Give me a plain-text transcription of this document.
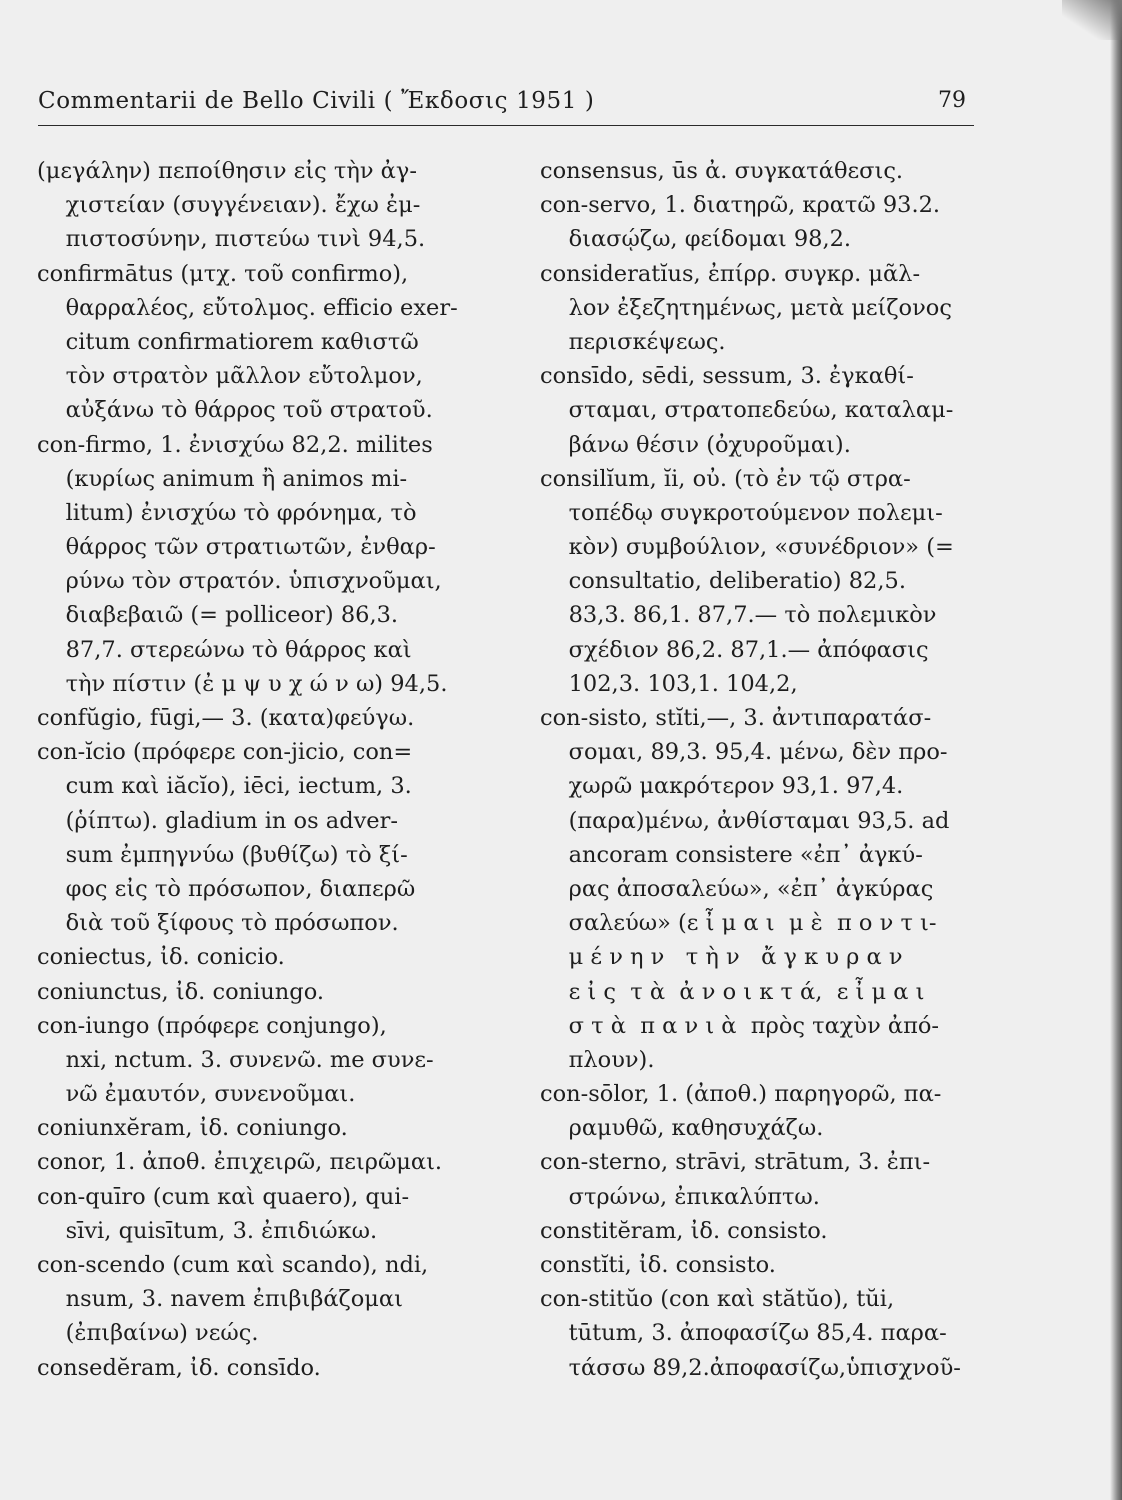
Commentarii de Bello Civili ( Ἔκδοσις 1951 )	79
(μεγάλην) πεποίθησιν εἰς τὴν ἀγ-
χιστείαν (συγγένειαν). ἔχω ἐμ-
πιστοσύνην, πιστεύω τινὶ 94,5.
confirmātus (μτχ. τοῦ confirmo),
θαρραλέος, εὔτολμος. efficio exer-
citum confirmatiorem καθιστῶ
τὸν στρατὸν μᾶλλον εὔτολμον,
αὐξάνω τὸ θάρρος τοῦ στρατοῦ.
con-firmo, 1. ἐνισχύω 82,2. milites
(κυρίως animum ἢ animos mi-
litum) ἐνισχύω τὸ φρόνημα, τὸ
θάρρος τῶν στρατιωτῶν, ἐνθαρ-
ρύνω τὸν στρατόν. ὑπισχνοῦμαι,
διαβεβαιῶ (= polliceor) 86,3.
87,7. στερεώνω τὸ θάρρος καὶ
τὴν πίστιν (ἐ μ ψ υ χ ώ ν ω) 94,5.
confŭgio, fūgi,— 3. (κατα)φεύγω.
con-ĭcio (πρόφερε con-jicio, con=
cum καὶ iăcĭo), iēci, iectum, 3.
(ῥίπτω). gladium in os adver-
sum ἐμπηγνύω (βυθίζω) τὸ ξί-
φος εἰς τὸ πρόσωπον, διαπερῶ
διὰ τοῦ ξίφους τὸ πρόσωπον.
coniectus, ἰδ. conicio.
coniunctus, ἰδ. coniungo.
con-iungo (πρόφερε conjungo),
nxi, nctum. 3. συνενῶ. me συνε-
νῶ ἐμαυτόν, συνενοῦμαι.
coniunxĕram, ἰδ. coniungo.
conor, 1. ἀποθ. ἐπιχειρῶ, πειρῶμαι.
con-quīro (cum καὶ quaero), qui-
sīvi, quisītum, 3. ἐπιδιώκω.
con-scendo (cum καὶ scando), ndi,
nsum, 3. navem ἐπιβιβάζομαι
(ἐπιβαίνω) νεώς.
consedĕram, ἰδ. consīdo.
consensus, ūs ἀ. συγκατάθεσις.
con-servo, 1. διατηρῶ, κρατῶ 93.2.
διασῴζω, φείδομαι 98,2.
consideratĭus, ἐπίρρ. συγκρ. μᾶλ-
λον ἐξεζητημένως, μετὰ μείζονος
περισκέψεως.
consīdo, sēdi, sessum, 3. ἐγκαθί-
σταμαι, στρατοπεδεύω, καταλαμ-
βάνω θέσιν (ὀχυροῦμαι).
consilĭum, ĭi, οὐ. (τὸ ἐν τῷ στρα-
τοπέδῳ συγκροτούμενον πολεμι-
κὸν) συμβούλιον, «συνέδριον» (=
consultatio, deliberatio) 82,5.
83,3. 86,1. 87,7.— τὸ πολεμικὸν
σχέδιον 86,2. 87,1.— ἀπόφασις
102,3. 103,1. 104,2,
con-sisto, stĭti,—, 3. ἀντιπαρατάσ-
σομαι, 89,3. 95,4. μένω, δὲν προ-
χωρῶ μακρότερον 93,1. 97,4.
(παρα)μένω, ἀνθίσταμαι 93,5. ad
ancoram consistere «ἐπ᾽ ἀγκύ-
ρας ἀποσαλεύω», «ἐπ᾽ ἀγκύρας
σαλεύω» (ε ἶ μ α ι  μ ὲ  π ο ν τ ι-
μ έ ν η ν   τ ὴ ν   ἄ γ κ υ ρ α ν
ε ἰ ς  τ ὰ  ἀ ν ο ι κ τ ά,  ε ἶ μ α ι
σ τ ὰ  π α ν ι ὰ  πρὸς ταχὺν ἀπό-
πλουν).
con-sōlor, 1. (ἀποθ.) παρηγορῶ, πα-
ραμυθῶ, καθησυχάζω.
con-sterno, strāvi, strātum, 3. ἐπι-
στρώνω, ἐπικαλύπτω.
constitĕram, ἰδ. consisto.
constĭti, ἰδ. consisto.
con-stitŭo (con καὶ stătŭo), tŭi,
tūtum, 3. ἀποφασίζω 85,4. παρα-
τάσσω 89,2.ἀποφασίζω,ὑπισχνοῦ-
